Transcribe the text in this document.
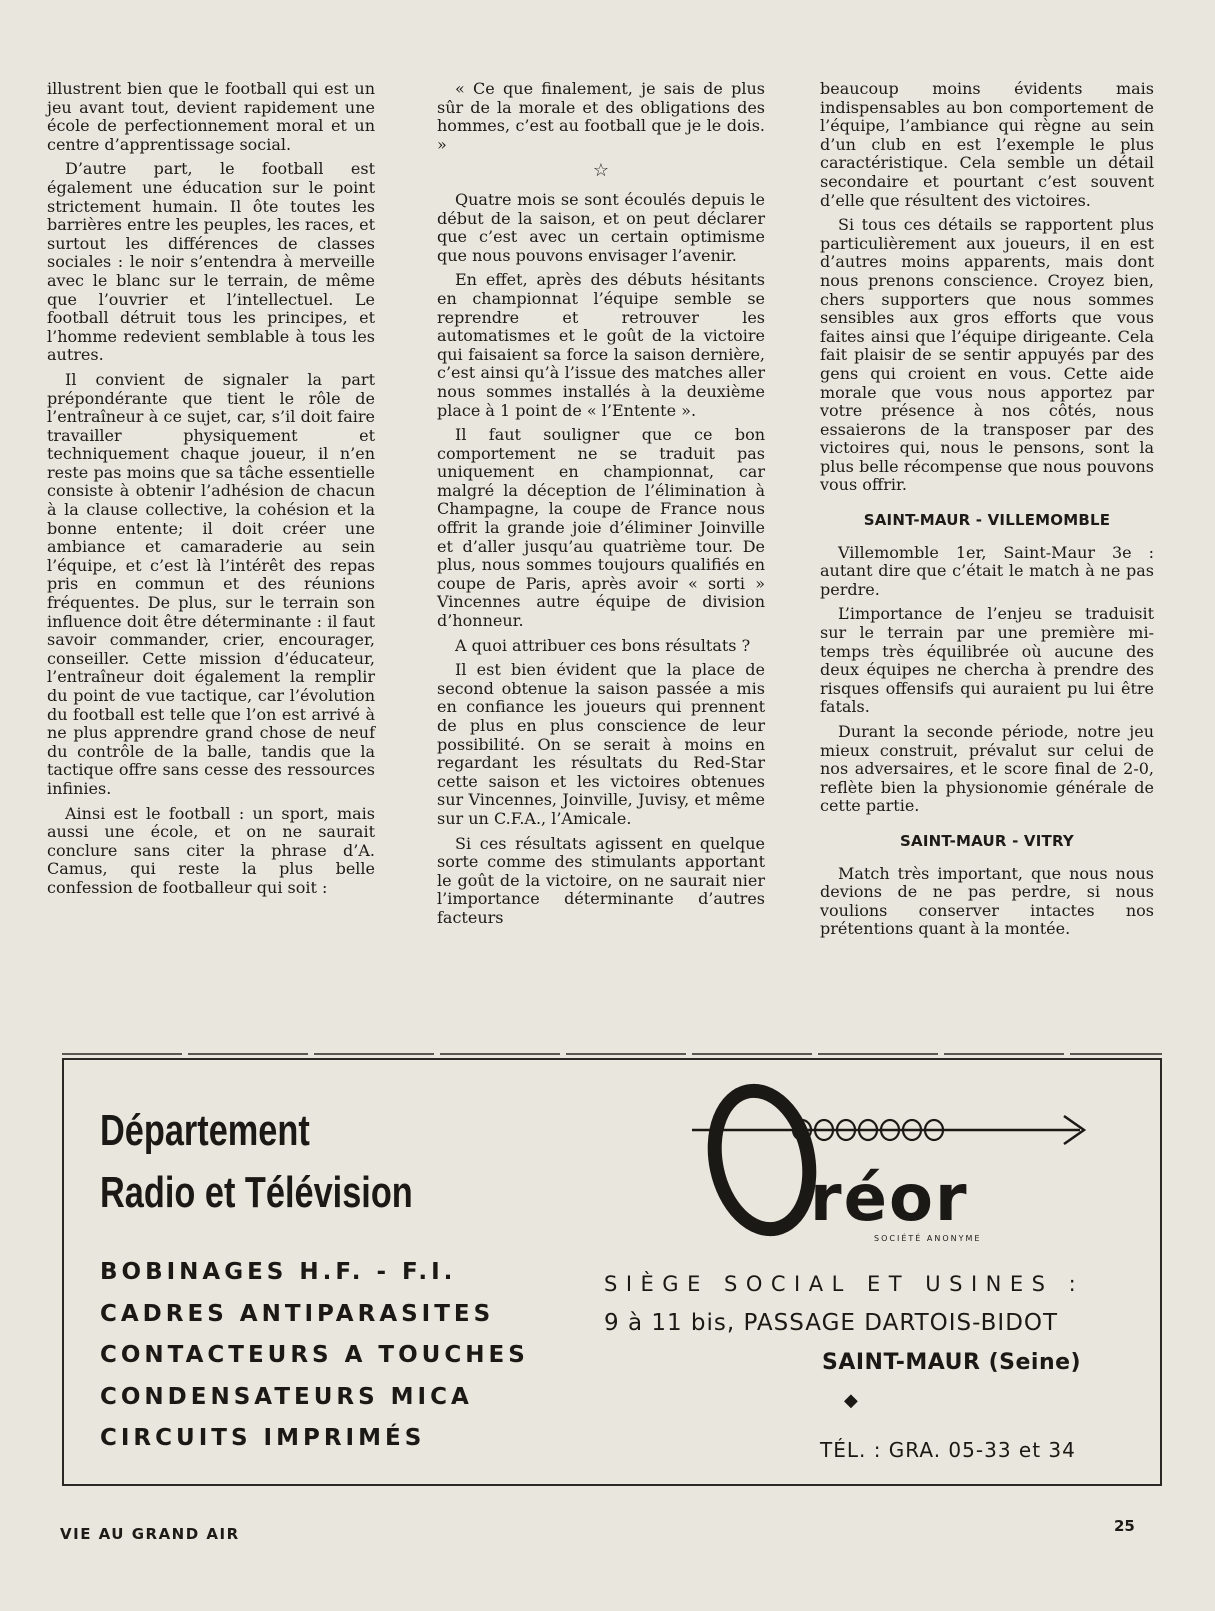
illustrent bien que le football qui est un jeu avant tout, devient rapidement une école de perfectionnement moral et un centre d’apprentissage social.

D’autre part, le football est également une éducation sur le point strictement humain. Il ôte toutes les barrières entre les peuples, les races, et surtout les différences de classes sociales : le noir s’entendra à merveille avec le blanc sur le terrain, de même que l’ouvrier et l’intellectuel. Le football détruit tous les principes, et l’homme redevient semblable à tous les autres.

Il convient de signaler la part prépondérante que tient le rôle de l’entraîneur à ce sujet, car, s’il doit faire travailler physiquement et techniquement chaque joueur, il n’en reste pas moins que sa tâche essentielle consiste à obtenir l’adhésion de chacun à la clause collective, la cohésion et la bonne entente; il doit créer une ambiance et camaraderie au sein l’équipe, et c’est là l’intérêt des repas pris en commun et des réunions fréquentes. De plus, sur le terrain son influence doit être déterminante : il faut savoir commander, crier, encourager, conseiller. Cette mission d’éducateur, l’entraîneur doit également la remplir du point de vue tactique, car l’évolution du football est telle que l’on est arrivé à ne plus apprendre grand chose de neuf du contrôle de la balle, tandis que la tactique offre sans cesse des ressources infinies.

Ainsi est le football : un sport, mais aussi une école, et on ne saurait conclure sans citer la phrase d’A. Camus, qui reste la plus belle confession de footballeur qui soit :

« Ce que finalement, je sais de plus sûr de la morale et des obligations des hommes, c’est au football que je le dois. »

☆

Quatre mois se sont écoulés depuis le début de la saison, et on peut déclarer que c’est avec un certain optimisme que nous pouvons envisager l’avenir.

En effet, après des débuts hésitants en championnat l’équipe semble se reprendre et retrouver les automatismes et le goût de la victoire qui faisaient sa force la saison dernière, c’est ainsi qu’à l’issue des matches aller nous sommes installés à la deuxième place à 1 point de « l’Entente ».

Il faut souligner que ce bon comportement ne se traduit pas uniquement en championnat, car malgré la déception de l’élimination à Champagne, la coupe de France nous offrit la grande joie d’éliminer Joinville et d’aller jusqu’au quatrième tour. De plus, nous sommes toujours qualifiés en coupe de Paris, après avoir « sorti » Vincennes autre équipe de division d’honneur.

A quoi attribuer ces bons résultats ?

Il est bien évident que la place de second obtenue la saison passée a mis en confiance les joueurs qui prennent de plus en plus conscience de leur possibilité. On se serait à moins en regardant les résultats du Red-Star cette saison et les victoires obtenues sur Vincennes, Joinville, Juvisy, et même sur un C.F.A., l’Amicale.

Si ces résultats agissent en quelque sorte comme des stimulants apportant le goût de la victoire, on ne saurait nier l’importance déterminante d’autres facteurs

beaucoup moins évidents mais indispensables au bon comportement de l’équipe, l’ambiance qui règne au sein d’un club en est l’exemple le plus caractéristique. Cela semble un détail secondaire et pourtant c’est souvent d’elle que résultent des victoires.

Si tous ces détails se rapportent plus particulièrement aux joueurs, il en est d’autres moins apparents, mais dont nous prenons conscience. Croyez bien, chers supporters que nous sommes sensibles aux gros efforts que vous faites ainsi que l’équipe dirigeante. Cela fait plaisir de se sentir appuyés par des gens qui croient en vous. Cette aide morale que vous nous apportez par votre présence à nos côtés, nous essaierons de la transposer par des victoires qui, nous le pensons, sont la plus belle récompense que nous pouvons vous offrir.

SAINT-MAUR - VILLEMOMBLE

Villemomble 1er, Saint-Maur 3e : autant dire que c’était le match à ne pas perdre.

L’importance de l’enjeu se traduisit sur le terrain par une première mi-temps très équilibrée où aucune des deux équipes ne chercha à prendre des risques offensifs qui auraient pu lui être fatals.

Durant la seconde période, notre jeu mieux construit, prévalut sur celui de nos adversaires, et le score final de 2-0, reflète bien la physionomie générale de cette partie.

SAINT-MAUR - VITRY

Match très important, que nous nous devions de ne pas perdre, si nous voulions conserver intactes nos prétentions quant à la montée.

Département
Radio et Télévision
BOBINAGES H.F. - F.I.
CADRES ANTIPARASITES
CONTACTEURS A TOUCHES
CONDENSATEURS MICA
CIRCUITS IMPRIMÉS
réor
SOCIÉTÉ ANONYME
SIÈGE SOCIAL ET USINES :
9 à 11 bis, PASSAGE DARTOIS-BIDOT
SAINT-MAUR (Seine)
◆
TÉL. : GRA. 05-33 et 34
VIE AU GRAND AIR	25
